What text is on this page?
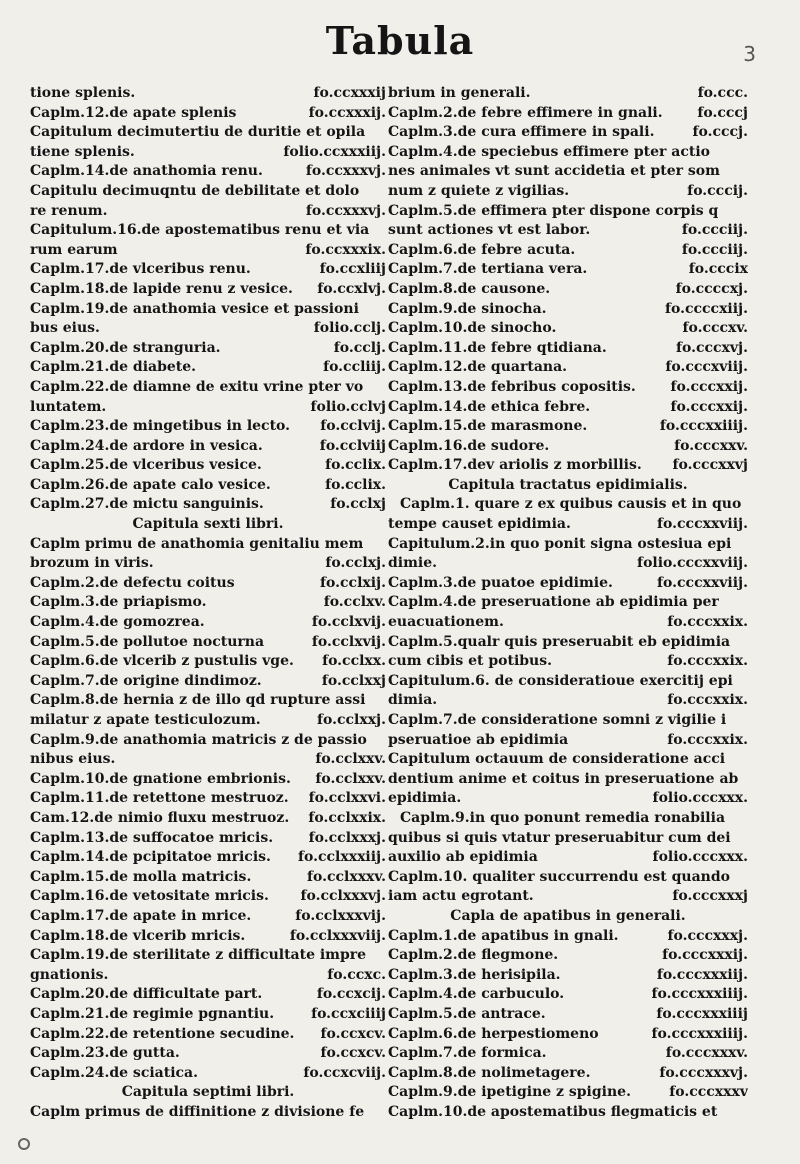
Tabula	3
tione splenis.	fo.ccxxxij
Caplm.12.de apate splenis	fo.ccxxxij.
Capitulum decimutertiu de duritie et opila
tiene splenis.	folio.ccxxxiij.
Caplm.14.de anathomia renu.	fo.ccxxxvj.
Capitulu decimuqntu de debilitate et dolo
re renum.	fo.ccxxxvj.
Capitulum.16.de apostematibus renu et via
rum earum	fo.ccxxxix.
Caplm.17.de vlceribus renu.	fo.ccxliij
Caplm.18.de lapide renu z vesice.	fo.ccxlvj.
Caplm.19.de anathomia vesice et passioni
bus eius.	folio.cclj.
Caplm.20.de stranguria.	fo.cclj.
Caplm.21.de diabete.	fo.ccliij.
Caplm.22.de diamne de exitu vrine pter vo
luntatem.	folio.cclvj
Caplm.23.de mingetibus in lecto.	fo.cclvij.
Caplm.24.de ardore in vesica.	fo.cclviij
Caplm.25.de vlceribus vesice.	fo.cclix.
Caplm.26.de apate calo vesice.	fo.cclix.
Caplm.27.de mictu sanguinis.	fo.cclxj
Capitula sexti libri.
Caplm primu de anathomia genitaliu mem
brozum in viris.	fo.cclxj.
Caplm.2.de defectu coitus	fo.cclxij.
Caplm.3.de priapismo.	fo.cclxv.
Caplm.4.de gomozrea.	fo.cclxvij.
Caplm.5.de pollutoe nocturna	fo.cclxvij.
Caplm.6.de vlcerib z pustulis vge.	fo.cclxx.
Caplm.7.de origine dindimoz.	fo.cclxxj
Caplm.8.de hernia z de illo qd rupture assi
milatur z apate testiculozum.	fo.cclxxj.
Caplm.9.de anathomia matricis z de passio
nibus eius.	fo.cclxxv.
Caplm.10.de gnatione embrionis.	fo.cclxxv.
Caplm.11.de retettone mestruoz.	fo.cclxxvi.
Cam.12.de nimio fluxu mestruoz.	fo.cclxxix.
Caplm.13.de suffocatoe mricis.	fo.cclxxxj.
Caplm.14.de pcipitatoe mricis.	fo.cclxxxiij.
Caplm.15.de molla matricis.	fo.cclxxxv.
Caplm.16.de vetositate mricis.	fo.cclxxxvj.
Caplm.17.de apate in mrice.	fo.cclxxxvij.
Caplm.18.de vlcerib mricis.	fo.cclxxxviij.
Caplm.19.de sterilitate z difficultate impre
gnationis.	fo.ccxc.
Caplm.20.de difficultate part.	fo.ccxcij.
Caplm.21.de regimie pgnantiu.	fo.ccxciiij
Caplm.22.de retentione secudine.	fo.ccxcv.
Caplm.23.de gutta.	fo.ccxcv.
Caplm.24.de sciatica.	fo.ccxcviij.
Capitula septimi libri.
Caplm primus de diffinitione z divisione fe
brium in generali.	fo.ccc.
Caplm.2.de febre effimere in gnali.	fo.cccj
Caplm.3.de cura effimere in spali.	fo.cccj.
Caplm.4.de speciebus effimere pter actio
nes animales vt sunt accidetia et pter som
num z quiete z vigilias.	fo.cccij.
Caplm.5.de effimera pter dispone corpis q
sunt actiones vt est labor.	fo.ccciij.
Caplm.6.de febre acuta.	fo.ccciij.
Caplm.7.de tertiana vera.	fo.cccix
Caplm.8.de causone.	fo.ccccxj.
Caplm.9.de sinocha.	fo.ccccxiij.
Caplm.10.de sinocho.	fo.cccxv.
Caplm.11.de febre qtidiana.	fo.cccxvj.
Caplm.12.de quartana.	fo.cccxviij.
Caplm.13.de febribus copositis.	fo.cccxxij.
Caplm.14.de ethica febre.	fo.cccxxij.
Caplm.15.de marasmone.	fo.cccxxiiij.
Caplm.16.de sudore.	fo.cccxxv.
Caplm.17.dev ariolis z morbillis.	fo.cccxxvj
Capitula tractatus epidimialis.
Caplm.1. quare z ex quibus causis et in quo
tempe causet epidimia.	fo.cccxxviij.
Capitulum.2.in quo ponit signa ostesiua epi
dimie.	folio.cccxxviij.
Caplm.3.de puatoe epidimie.	fo.cccxxviij.
Caplm.4.de preseruatione ab epidimia per
euacuationem.	fo.cccxxix.
Caplm.5.qualr quis preseruabit eb epidimia
cum cibis et potibus.	fo.cccxxix.
Capitulum.6. de consideratioue exercitij epi
dimia.	fo.cccxxix.
Caplm.7.de consideratione somni z vigilie i
pseruatioe ab epidimia	fo.cccxxix.
Capitulum octauum de consideratione acci
dentium anime et coitus in preseruatione ab
epidimia.	folio.cccxxx.
Caplm.9.in quo ponunt remedia ronabilia
quibus si quis vtatur preseruabitur cum dei
auxilio ab epidimia	folio.cccxxx.
Caplm.10. qualiter succurrendu est quando
iam actu egrotant.	fo.cccxxxj
Capla de apatibus in generali.
Caplm.1.de apatibus in gnali.	fo.cccxxxj.
Caplm.2.de flegmone.	fo.cccxxxij.
Caplm.3.de herisipila.	fo.cccxxxiij.
Caplm.4.de carbuculo.	fo.cccxxxiiij.
Caplm.5.de antrace.	fo.cccxxxiiij
Caplm.6.de herpestiomeno	fo.cccxxxiiij.
Caplm.7.de formica.	fo.cccxxxv.
Caplm.8.de nolimetagere.	fo.cccxxxvj.
Caplm.9.de ipetigine z spigine.	fo.cccxxxv
Caplm.10.de apostematibus flegmaticis et
